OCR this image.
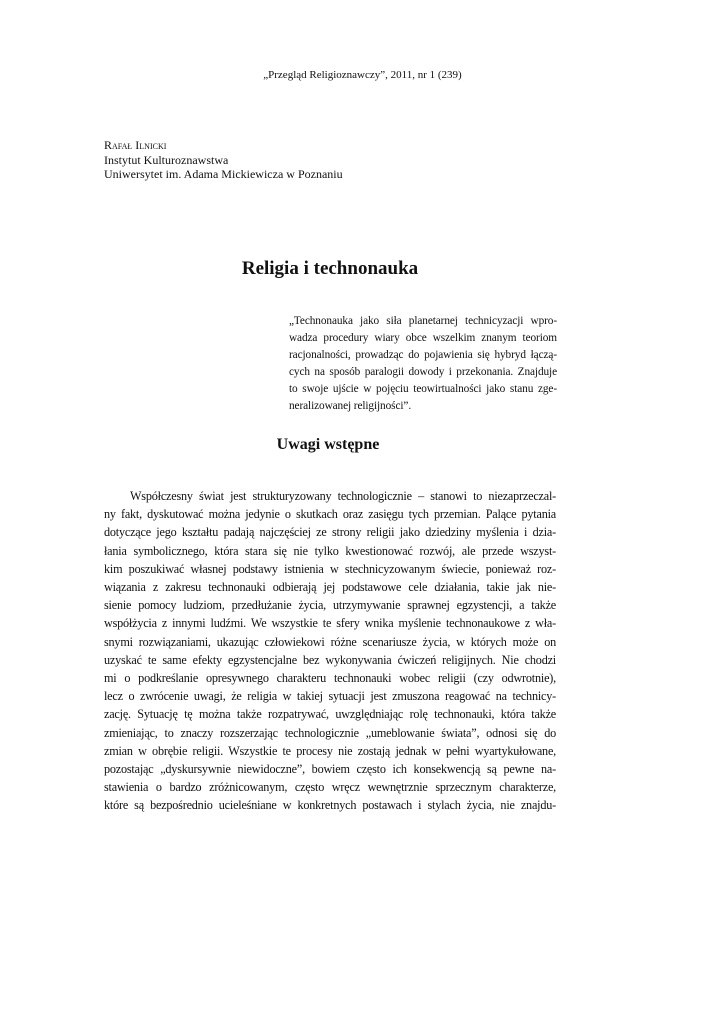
„Przegląd Religioznawczy”, 2011, nr 1 (239)
Rafał Ilnicki
Instytut Kulturoznawstwa
Uniwersytet im. Adama Mickiewicza w Poznaniu
Religia i technonauka
„Technonauka jako siła planetarnej technicyzacji wpro-
wadza procedury wiary obce wszelkim znanym teoriom
racjonalności, prowadząc do pojawienia się hybryd łączą-
cych na sposób paralogii dowody i przekonania. Znajduje
to swoje ujście w pojęciu teowirtualności jako stanu zge-
neralizowanej religijności”.
Uwagi wstępne
Współczesny świat jest strukturyzowany technologicznie – stanowi to niezaprzeczal-
ny fakt, dyskutować można jedynie o skutkach oraz zasięgu tych przemian. Palące pytania
dotyczące jego kształtu padają najczęściej ze strony religii jako dziedziny myślenia i dzia-
łania symbolicznego, która stara się nie tylko kwestionować rozwój, ale przede wszyst-
kim poszukiwać własnej podstawy istnienia w stechnicyzowanym świecie, ponieważ roz-
wiązania z zakresu technonauki odbierają jej podstawowe cele działania, takie jak nie-
sienie pomocy ludziom, przedłużanie życia, utrzymywanie sprawnej egzystencji, a także
współżycia z innymi ludźmi. We wszystkie te sfery wnika myślenie technonaukowe z wła-
snymi rozwiązaniami, ukazując człowiekowi różne scenariusze życia, w których może on
uzyskać te same efekty egzystencjalne bez wykonywania ćwiczeń religijnych. Nie chodzi
mi o podkreślanie opresywnego charakteru technonauki wobec religii (czy odwrotnie),
lecz o zwrócenie uwagi, że religia w takiej sytuacji jest zmuszona reagować na technicy-
zację. Sytuację tę można także rozpatrywać, uwzględniając rolę technonauki, która także
zmieniając, to znaczy rozszerzając technologicznie „umeblowanie świata”, odnosi się do
zmian w obrębie religii. Wszystkie te procesy nie zostają jednak w pełni wyartykułowane,
pozostając „dyskursywnie niewidoczne”, bowiem często ich konsekwencją są pewne na-
stawienia o bardzo zróżnicowanym, często wręcz wewnętrznie sprzecznym charakterze,
które są bezpośrednio ucieleśniane w konkretnych postawach i stylach życia, nie znajdu-
